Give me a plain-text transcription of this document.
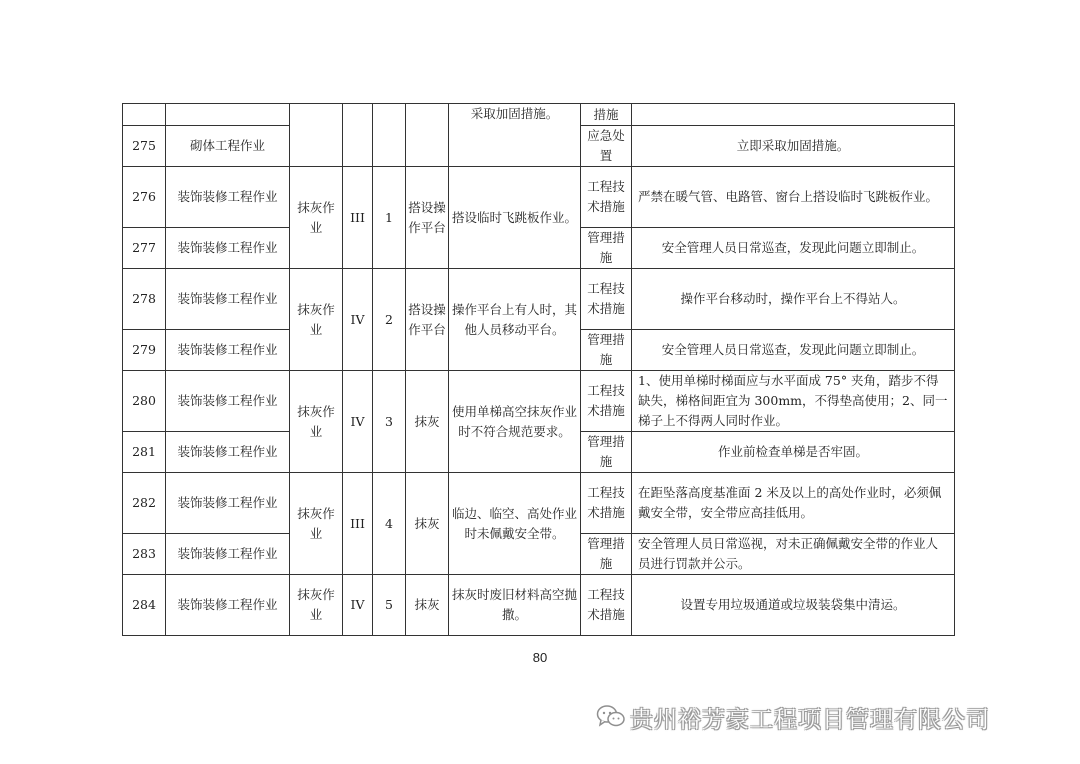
						采取加固措施。	措施	
275	砌体工程作业						应急处置	立即采取加固措施。
276	装饰装修工程作业	抹灰作业	III	1	搭设操作平台	搭设临时飞跳板作业。	工程技术措施	严禁在暖气管、电路管、窗台上搭设临时飞跳板作业。
277	装饰装修工程作业						管理措施	安全管理人员日常巡查，发现此问题立即制止。
278	装饰装修工程作业	抹灰作业	IV	2	搭设操作平台	操作平台上有人时，其他人员移动平台。	工程技术措施	操作平台移动时，操作平台上不得站人。
279	装饰装修工程作业						管理措施	安全管理人员日常巡查，发现此问题立即制止。
280	装饰装修工程作业	抹灰作业	IV	3	抹灰	使用单梯高空抹灰作业时不符合规范要求。	工程技术措施	1、使用单梯时梯面应与水平面成 75° 夹角，踏步不得缺失，梯格间距宜为 300mm，不得垫高使用；2、同一梯子上不得两人同时作业。
281	装饰装修工程作业						管理措施	作业前检查单梯是否牢固。
282	装饰装修工程作业	抹灰作业	III	4	抹灰	临边、临空、高处作业时未佩戴安全带。	工程技术措施	在距坠落高度基准面 2 米及以上的高处作业时，必须佩戴安全带，安全带应高挂低用。
283	装饰装修工程作业						管理措施	安全管理人员日常巡视，对未正确佩戴安全带的作业人员进行罚款并公示。
284	装饰装修工程作业	抹灰作业	IV	5	抹灰	抹灰时废旧材料高空抛撒。	工程技术措施	设置专用垃圾通道或垃圾装袋集中清运。
80
贵州裕芳豪工程项目管理有限公司
